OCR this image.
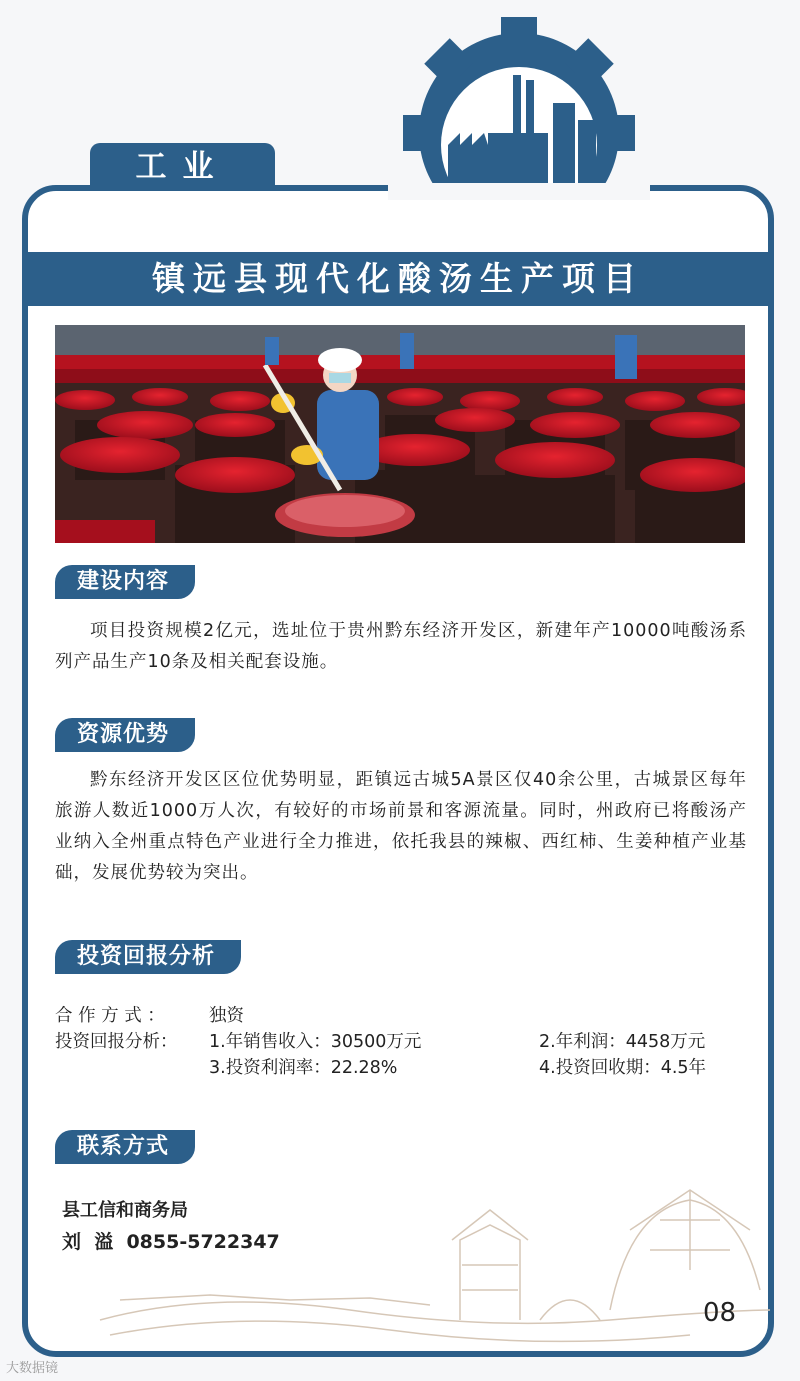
工业
镇远县现代化酸汤生产项目
建设内容

项目投资规模2亿元，选址位于贵州黔东经济开发区，新建年产10000吨酸汤系列产品生产10条及相关配套设施。

资源优势

黔东经济开发区区位优势明显，距镇远古城5A景区仅40余公里，古城景区每年旅游人数近1000万人次，有较好的市场前景和客源流量。同时，州政府已将酸汤产业纳入全州重点特色产业进行全力推进，依托我县的辣椒、西红柿、生姜种植产业基础，发展优势较为突出。

投资回报分析
合 作 方 式 ：	独资
投资回报分析： 1.年销售收入：30500万元	2.年利润：4458万元
3.投资利润率：22.28%	4.投资回收期：4.5年
联系方式
县工信和商务局
刘  溢  0855-5722347
08
大数据镜
